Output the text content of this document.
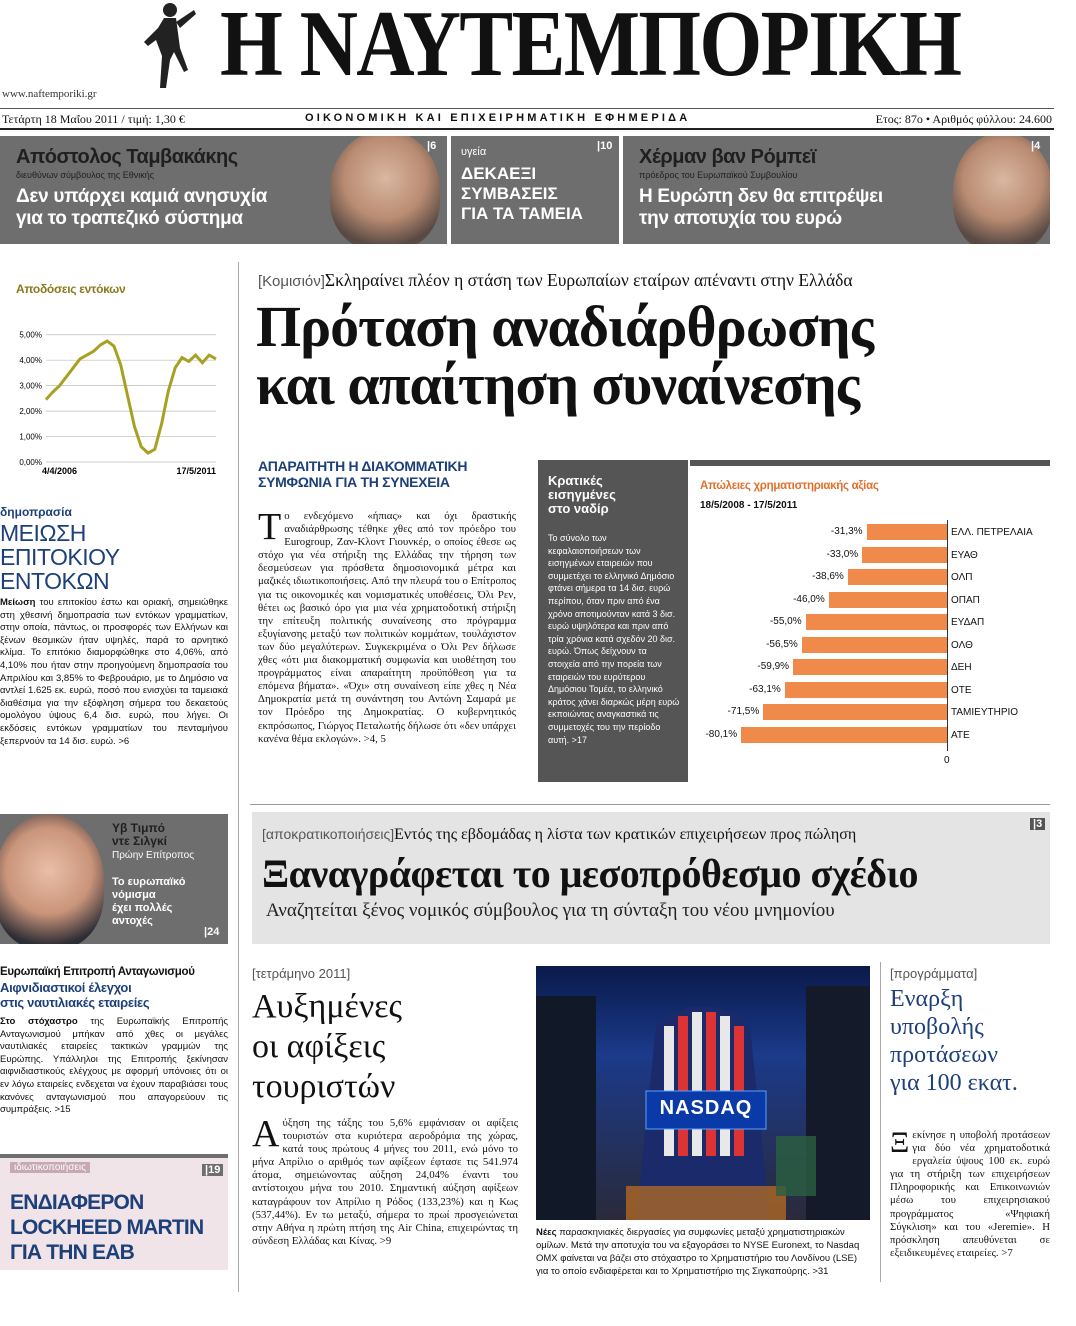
Η ΝΑΥΤΕΜΠΟΡΙΚΗ
www.naftemporiki.gr
Τετάρτη 18 Μαΐου 2011 / τιμή: 1,30 €	ΟΙΚΟΝΟΜΙΚΗ ΚΑΙ ΕΠΙΧΕΙΡΗΜΑΤΙΚΗ ΕΦΗΜΕΡΙΔΑ	Ετος: 87ο • Αριθμός φύλλου: 24.600
Απόστολος Ταμβακάκης
διευθύνων σύμβουλος της Εθνικής
Δεν υπάρχει καμιά ανησυχία
για το τραπεζικό σύστημα
|6 υγεία	|10
ΔΕΚΑΕΞΙ
ΣΥΜΒΑΣΕΙΣ
ΓΙΑ ΤΑ ΤΑΜΕΙΑ
Χέρμαν βαν Ρόμπεϊ
πρόεδρος του Ευρωπαϊκού Συμβουλίου
Η Ευρώπη δεν θα επιτρέψει
την αποτυχία του ευρώ
|4
Αποδόσεις εντόκων
5,00%
4,00%
3,00%
2,00%
1,00%
0,00%
4/4/2006	17/5/2011
δημοπρασία
ΜΕΙΩΣΗ
ΕΠΙΤΟΚΙΟΥ
ΕΝΤΟΚΩΝ
Μείωση του επιτοκίου έστω και οριακή, σημειώθηκε στη χθεσινή δημοπρασία των εντόκων γραμματίων, στην οποία, πάντως, οι προσφορές των Ελλήνων και ξένων θεσμικών ήταν υψηλές, παρά το αρνητικό κλίμα. Το επιτόκιο διαμορφώθηκε στο 4,06%, από 4,10% που ήταν στην προηγούμενη δημοπρασία του Απριλίου και 3,85% το Φεβρουάριο, με το Δημόσιο να αντλεί 1.625 εκ. ευρώ, ποσό που ενισχύει τα ταμειακά διαθέσιμα για την εξόφληση σήμερα του δεκαετούς ομολόγου ύψους 6,4 δισ. ευρώ, που λήγει. Οι εκδόσεις εντόκων γραμματίων του πενταμήνου ξεπερνούν τα 14 δισ. ευρώ. >6
Υβ Τιμπό
ντε Σιλγκί
Πρώην Επίτροπος
Το ευρωπαϊκό
νόμισμα
έχει πολλές
αντοχές
|24
Ευρωπαϊκή Επιτροπή Ανταγωνισμού
Αιφνιδιαστικοί έλεγχοι
στις ναυτιλιακές εταιρείες
Στο στόχαστρο της Ευρωπαϊκής Επιτροπής Ανταγωνισμού μπήκαν από χθες οι μεγάλες ναυτιλιακές εταιρείες τακτικών γραμμών της Ευρώπης. Υπάλληλοι της Επιτροπής ξεκίνησαν αιφνιδιαστικούς ελέγχους με αφορμή υπόνοιες ότι οι εν λόγω εταιρείες ενδεχεται να έχουν παραβιάσει τους κανόνες ανταγωνισμού που απαγορεύουν τις συμπράξεις. >15
ιδιωτικοποιήσεις	|19
ΕΝΔΙΑΦΕΡΟΝ
LOCKHEED MARTIN
ΓΙΑ ΤΗΝ ΕΑΒ
[Κομισιόν]Σκληραίνει πλέον η στάση των Ευρωπαίων εταίρων απέναντι στην Ελλάδα
Πρόταση αναδιάρθρωσης
και απαίτηση συναίνεσης
ΑΠΑΡΑΙΤΗΤΗ Η ΔΙΑΚΟΜΜΑΤΙΚΗ
ΣΥΜΦΩΝΙΑ ΓΙΑ ΤΗ ΣΥΝΕΧΕΙΑ
Το ενδεχόμενο «ήπιας» και όχι δραστικής αναδιάρθρωσης τέθηκε χθες από τον πρόεδρο του Eurogroup, Ζαν-Κλοντ Γιουνκέρ, ο οποίος έθεσε ως στόχο για νέα στήριξη της Ελλάδας την τήρηση των δεσμεύσεων για πρόσθετα δημοσιονομικά μέτρα και μαζικές ιδιωτικοποιήσεις. Από την πλευρά του ο Επίτροπος για τις οικονομικές και νομισματικές υποθέσεις, Όλι Ρεν, θέτει ως βασικό όρο για μια νέα χρηματοδοτική στήριξη την επίτευξη πολιτικής συναίνεσης στο πρόγραμμα εξυγίανσης μεταξύ των πολιτικών κομμάτων, τουλάχιστον των δύο μεγαλύτερων. Συγκεκριμένα ο Όλι Ρεν δήλωσε χθες «ότι μια διακομματική συμφωνία και υιοθέτηση του προγράμματος είναι απαραίτητη προϋπόθεση για τα επόμενα βήματα». «Όχι» στη συναίνεση είπε χθες η Νέα Δημοκρατία μετά τη συνάντηση του Αντώνη Σαμαρά με τον Πρόεδρο της Δημοκρατίας. Ο κυβερνητικός εκπρόσωπος, Γιώργος Πεταλωτής δήλωσε ότι «δεν υπάρχει κανένα θέμα εκλογών». >4, 5
Κρατικές
εισηγμένες
στο ναδίρ
Το σύνολο των κεφαλαιοποιήσεων των εισηγμένων εταιρειών που συμμετέχει το ελληνικό Δημόσιο φτάνει σήμερα τα 14 δισ. ευρώ περίπου, όταν πριν από ένα χρόνο αποτιμούνταν κατά 3 δισ. ευρώ υψηλότερα και πριν από τρία χρόνια κατά σχεδόν 20 δισ. ευρώ. Όπως δείχνουν τα στοιχεία από την πορεία των εταιρειών του ευρύτερου Δημόσιου Τομέα, το ελληνικό κράτος χάνει διαρκώς μέρη ευρώ εκποιώντας αναγκαστικά τις συμμετοχές του την περίοδο αυτή. >17
Απώλειες χρηματιστηριακής αξίας
18/5/2008 - 17/5/2011
-31,3%	ΕΛΛ. ΠΕΤΡΕΛΑΙΑ
-33,0%	ΕΥΑΘ
-38,6%	ΟΛΠ
-46,0%	ΟΠΑΠ
-55,0%	ΕΥΔΑΠ
-56,5%	ΟΛΘ
-59,9%	ΔΕΗ
-63,1%	ΟΤΕ
-71,5%	ΤΑΜΙΕΥΤΗΡΙΟ
-80,1%	ΑΤΕ
0
[αποκρατικοποιήσεις]Εντός της εβδομάδας η λίστα των κρατικών επιχειρήσεων προς πώληση
|3
Ξαναγράφεται το μεσοπρόθεσμο σχέδιο
Αναζητείται ξένος νομικός σύμβουλος για τη σύνταξη του νέου μνημονίου
[τετράμηνο 2011]
Αυξημένες
οι αφίξεις
τουριστών
Αύξηση της τάξης του 5,6% εμφάνισαν οι αφίξεις τουριστών στα κυριότερα αεροδρόμια της χώρας, κατά τους πρώτους 4 μήνες του 2011, ενώ μόνο το μήνα Απρίλιο ο αριθμός των αφίξεων έφτασε τις 541.974 άτομα, σημειώνοντας αύξηση 24,04% έναντι του αντίστοιχου μήνα του 2010. Σημαντική αύξηση αφίξεων καταγράφουν τον Απρίλιο η Ρόδος (133,23%) και η Κως (537,44%). Εν τω μεταξύ, σήμερα το πρωί προσγειώνεται στην Αθήνα η πρώτη πτήση της Air China, επιχειρώντας τη σύνδεση Ελλάδας και Κίνας. >9
NASDAQ
Νέες παρασκηνιακές διεργασίες για συμφωνίες μεταξύ χρηματιστηριακών ομίλων. Μετά την αποτυχία του να εξαγοράσει το NYSE Euronext, το Nasdaq OMX φαίνεται να βάζει στο στόχαστρο το Χρηματιστήριο του Λονδίνου (LSE) για το οποίο ενδιαφέρεται και το Χρηματιστήριο της Σιγκαπούρης. >31
[προγράμματα]
Εναρξη
υποβολής
προτάσεων
για 100 εκατ.
Ξεκίνησε η υποβολή προτάσεων για δύο νέα χρηματοδοτικά εργαλεία ύψους 100 εκ. ευρώ για τη στήριξη των επιχειρήσεων Πληροφορικής και Επικοινωνιών μέσω του επιχειρησιακού προγράμματος «Ψηφιακή Σύγκλιση» και του «Jeremie». Η πρόσκληση απευθύνεται σε εξειδικευμένες εταιρείες. >7
